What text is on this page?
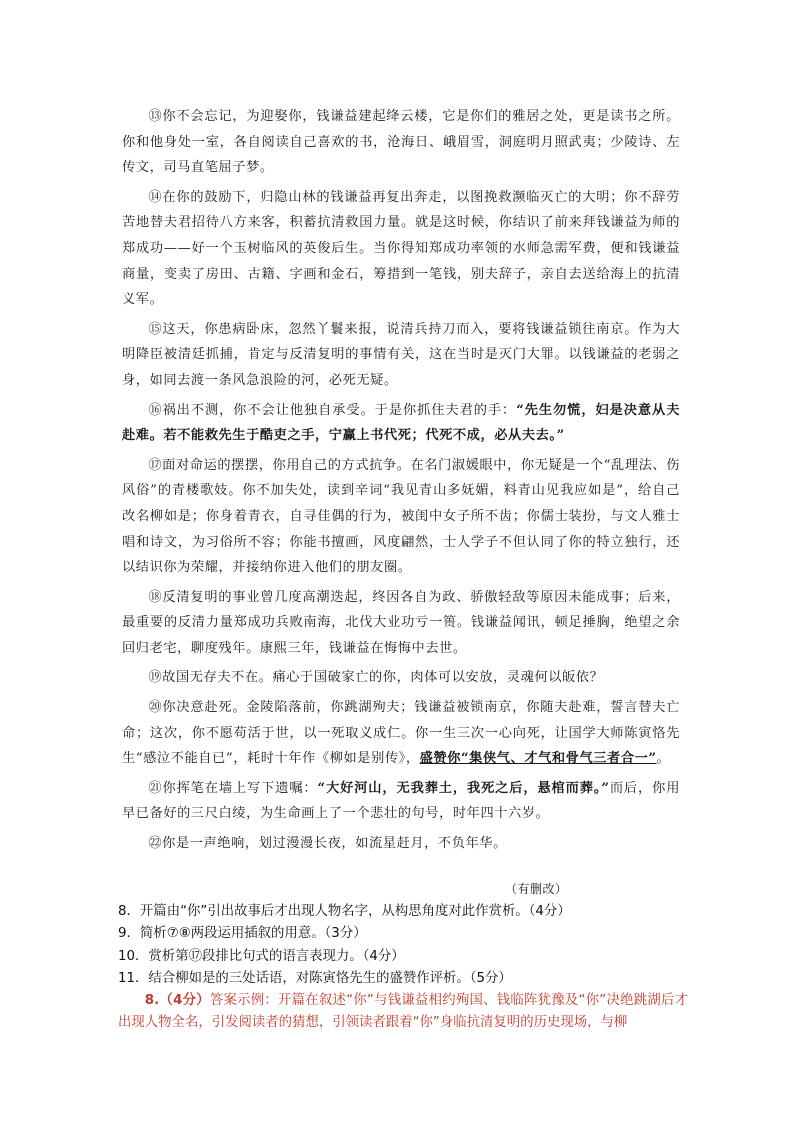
⑬你不会忘记，为迎娶你，钱谦益建起绛云楼，它是你们的雅居之处，更是读书之所。你和他身处一室，各自阅读自己喜欢的书，沧海日、峨眉雪，洞庭明月照武夷；少陵诗、左传文，司马直笔屈子梦。

⑭在你的鼓励下，归隐山林的钱谦益再复出奔走，以图挽救濒临灭亡的大明；你不辞劳苦地替夫君招待八方来客，积蓄抗清救国力量。就是这时候，你结识了前来拜钱谦益为师的郑成功——好一个玉树临风的英俊后生。当你得知郑成功率领的水师急需军费，便和钱谦益商量，变卖了房田、古籍、字画和金石，筹措到一笔钱，别夫辞子，亲自去送给海上的抗清义军。

⑮这天，你患病卧床，忽然丫鬟来报，说清兵持刀而入，要将钱谦益锁往南京。作为大明降臣被清廷抓捕，肯定与反清复明的事情有关，这在当时是灭门大罪。以钱谦益的老弱之身，如同去渡一条风急浪险的河，必死无疑。

⑯祸出不测，你不会让他独自承受。于是你抓住夫君的手：“先生勿慌，妇是决意从夫赴难。若不能救先生于酷吏之手，宁赢上书代死；代死不成，必从夫去。”

⑰面对命运的摆摆，你用自己的方式抗争。在名门淑媛眼中，你无疑是一个“乱理法、伤风俗”的青楼歌妓。你不加失处，读到辛词“我见青山多妩媚，料青山见我应如是”，给自己改名柳如是；你身着青衣，自寻佳偶的行为，被闺中女子所不齿；你儒士装扮，与文人雅士唱和诗文，为习俗所不容；你能书擅画，风度翩然，士人学子不但认同了你的特立独行，还以结识你为荣耀，并接纳你进入他们的朋友圈。

⑱反清复明的事业曾几度高潮迭起，终因各自为政、骄傲轻敌等原因未能成事；后来，最重要的反清力量郑成功兵败南海，北伐大业功亏一篑。钱谦益闻讯，顿足捶胸，绝望之余回归老宅，聊度残年。康熙三年，钱谦益在悔悔中去世。

⑲故国无存夫不在。痛心于国破家亡的你，肉体可以安放，灵魂何以皈依？

⑳你决意赴死。金陵陷落前，你跳湖殉夫；钱谦益被锁南京，你随夫赴难，誓言替夫亡命；这次，你不愿苟活于世，以一死取义成仁。你一生三次一心向死，让国学大师陈寅恪先生“感泣不能自已”，耗时十年作《柳如是别传》，盛赞你“集侠气、才气和骨气三者合一”。

㉑你挥笔在墙上写下遗嘱：“大好河山，无我葬土，我死之后，悬棺而葬。”而后，你用早已备好的三尺白绫，为生命画上了一个悲壮的句号，时年四十六岁。

㉒你是一声绝响，划过漫漫长夜，如流星赶月，不负年华。

（有删改）
8．开篇由“你”引出故事后才出现人物名字，从构思角度对此作赏析。（4分）
9．简析⑦⑧两段运用插叙的用意。（3分）
10．赏析第⑰段排比句式的语言表现力。（4分）
11．结合柳如是的三处话语，对陈寅恪先生的盛赞作评析。（5分）
8.（4分）答案示例：开篇在叙述“你”与钱谦益相约殉国、钱临阵犹豫及“你”决绝跳湖后才出现人物全名，引发阅读者的猜想，引领读者跟着“你”身临抗清复明的历史现场，与柳
